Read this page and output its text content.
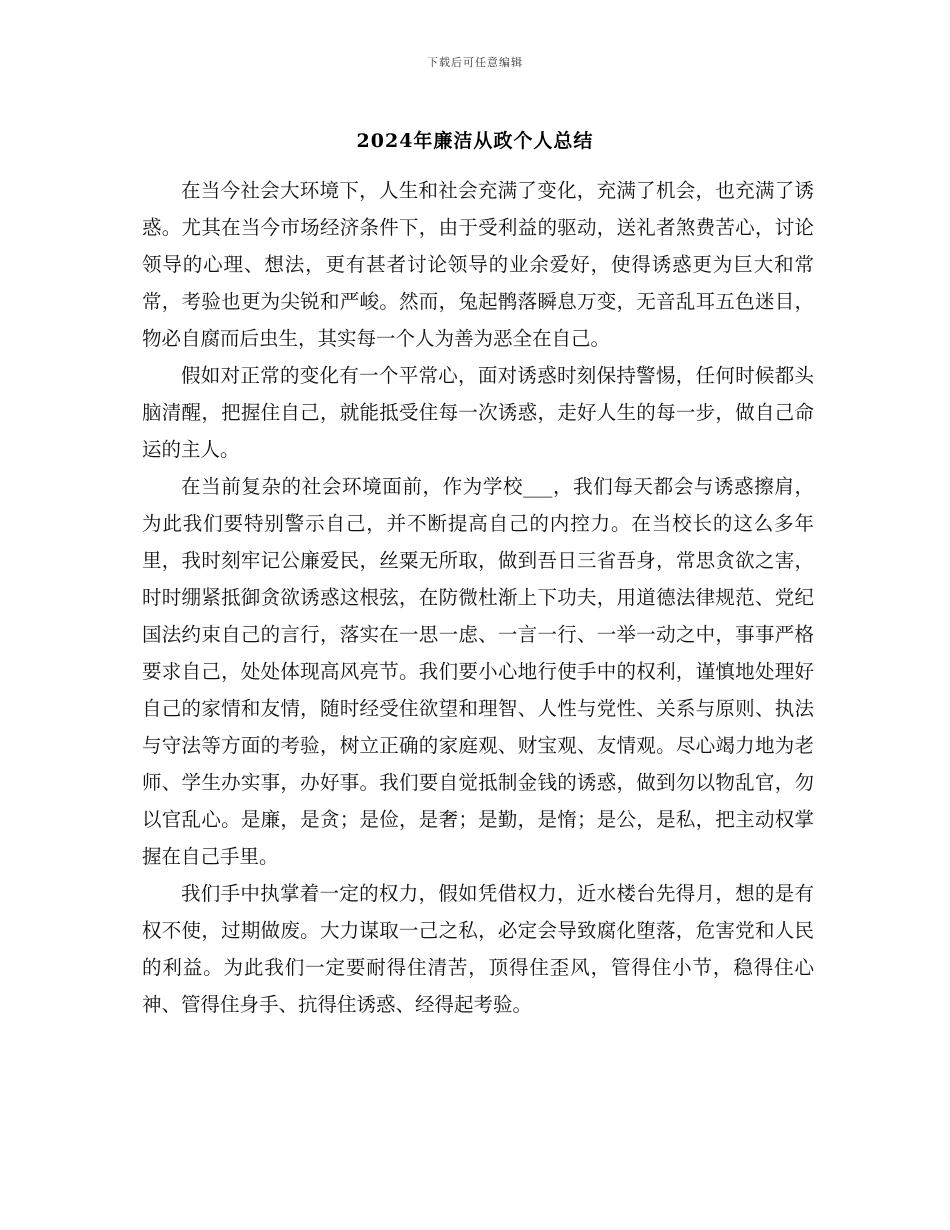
下载后可任意编辑
2024年廉洁从政个人总结

在当今社会大环境下，人生和社会充满了变化，充满了机会，也充满了诱惑。尤其在当今市场经济条件下，由于受利益的驱动，送礼者煞费苦心，讨论领导的心理、想法，更有甚者讨论领导的业余爱好，使得诱惑更为巨大和常常，考验也更为尖锐和严峻。然而，兔起鹘落瞬息万变，无音乱耳五色迷目，物必自腐而后虫生，其实每一个人为善为恶全在自己。

假如对正常的变化有一个平常心，面对诱惑时刻保持警惕，任何时候都头脑清醒，把握住自己，就能抵受住每一次诱惑，走好人生的每一步，做自己命运的主人。

在当前复杂的社会环境面前，作为学校___，我们每天都会与诱惑擦肩，为此我们要特别警示自己，并不断提高自己的内控力。在当校长的这么多年里，我时刻牢记公廉爱民，丝粟无所取，做到吾日三省吾身，常思贪欲之害，时时绷紧抵御贪欲诱惑这根弦，在防微杜渐上下功夫，用道德法律规范、党纪国法约束自己的言行，落实在一思一虑、一言一行、一举一动之中，事事严格要求自己，处处体现高风亮节。我们要小心地行使手中的权利，谨慎地处理好自己的家情和友情，随时经受住欲望和理智、人性与党性、关系与原则、执法与守法等方面的考验，树立正确的家庭观、财宝观、友情观。尽心竭力地为老师、学生办实事，办好事。我们要自觉抵制金钱的诱惑，做到勿以物乱官，勿以官乱心。是廉，是贪；是俭，是奢；是勤，是惰；是公，是私，把主动权掌握在自己手里。

我们手中执掌着一定的权力，假如凭借权力，近水楼台先得月，想的是有权不使，过期做废。大力谋取一己之私，必定会导致腐化堕落，危害党和人民的利益。为此我们一定要耐得住清苦，顶得住歪风，管得住小节，稳得住心神、管得住身手、抗得住诱惑、经得起考验。
